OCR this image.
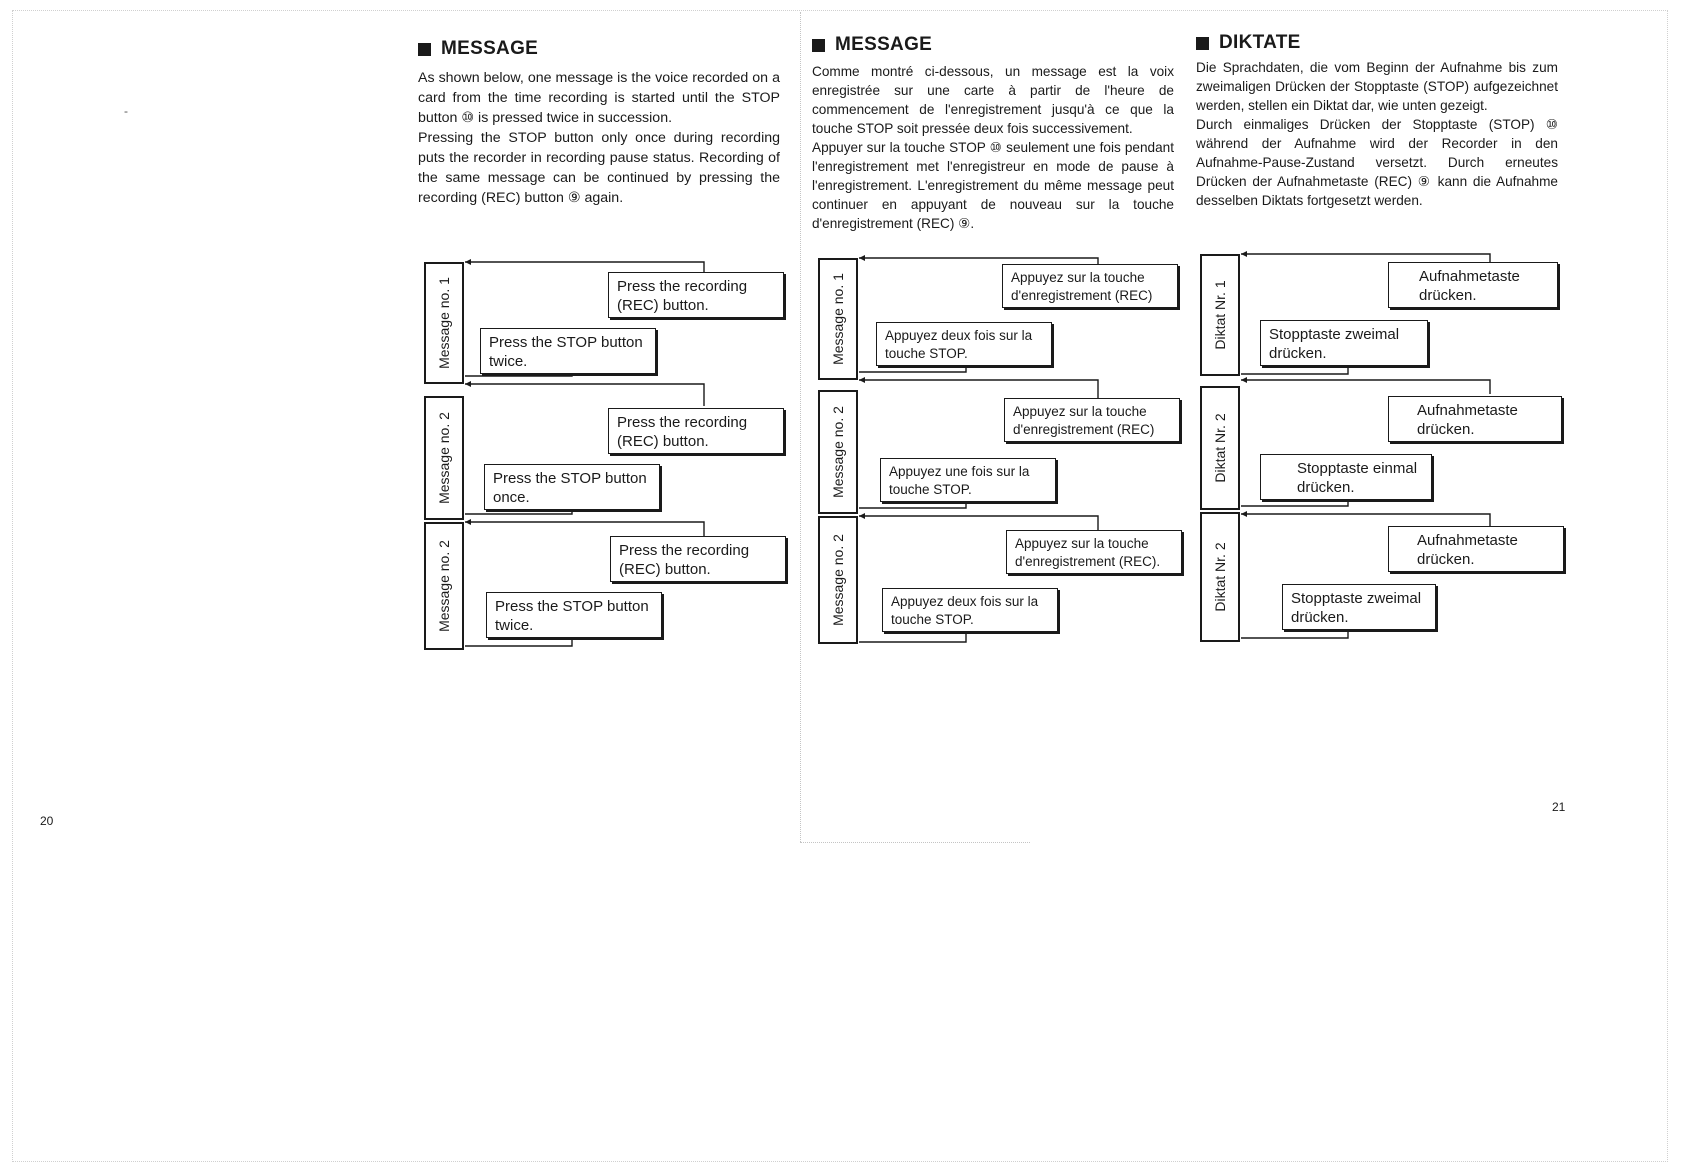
-
MESSAGE

As shown below, one message is the voice recorded on a card from the time recording is started until the STOP button ⑩ is pressed twice in succession.

Pressing the STOP button only once during recording puts the recorder in recording pause status. Recording of the same message can be continued by pressing the recording (REC) button ⑨ again.

Message no. 1
Message no. 2
Message no. 2
Press the recording (REC) button.
Press the STOP button twice.
Press the recording (REC) button.
Press the STOP button once.
Press the recording (REC) button.
Press the STOP button twice.
MESSAGE

Comme montré ci-dessous, un message est la voix enregistrée sur une carte à partir de l'heure de commencement de l'enregistrement jusqu'à ce que la touche STOP soit pressée deux fois successivement.

Appuyer sur la touche STOP ⑩ seulement une fois pendant l'enregistrement met l'enregistreur en mode de pause à l'enregistrement. L'enregistrement du même message peut continuer en appuyant de nouveau sur la touche d'enregistrement (REC) ⑨.

Message no. 1
Message no. 2
Message no. 2
Appuyez sur la touche d'enregistrement (REC)
Appuyez deux fois sur la touche STOP.
Appuyez sur la touche d'enregistrement (REC)
Appuyez une fois sur la touche STOP.
Appuyez sur la touche d'enregistrement (REC).
Appuyez deux fois sur la touche STOP.
DIKTATE

Die Sprachdaten, die vom Beginn der Aufnahme bis zum zweimaligen Drücken der Stopptaste (STOP) aufgezeichnet werden, stellen ein Diktat dar, wie unten gezeigt.

Durch einmaliges Drücken der Stopptaste (STOP) ⑩ während der Aufnahme wird der Recorder in den Aufnahme-Pause-Zustand versetzt. Durch erneutes Drücken der Aufnahmetaste (REC) ⑨ kann die Aufnahme desselben Diktats fortgesetzt werden.

Diktat Nr. 1
Diktat Nr. 2
Diktat Nr. 2
Aufnahmetaste drücken.
Stopptaste zweimal drücken.
Aufnahmetaste drücken.
Stopptaste einmal drücken.
Aufnahmetaste drücken.
Stopptaste zweimal drücken.
20
21
